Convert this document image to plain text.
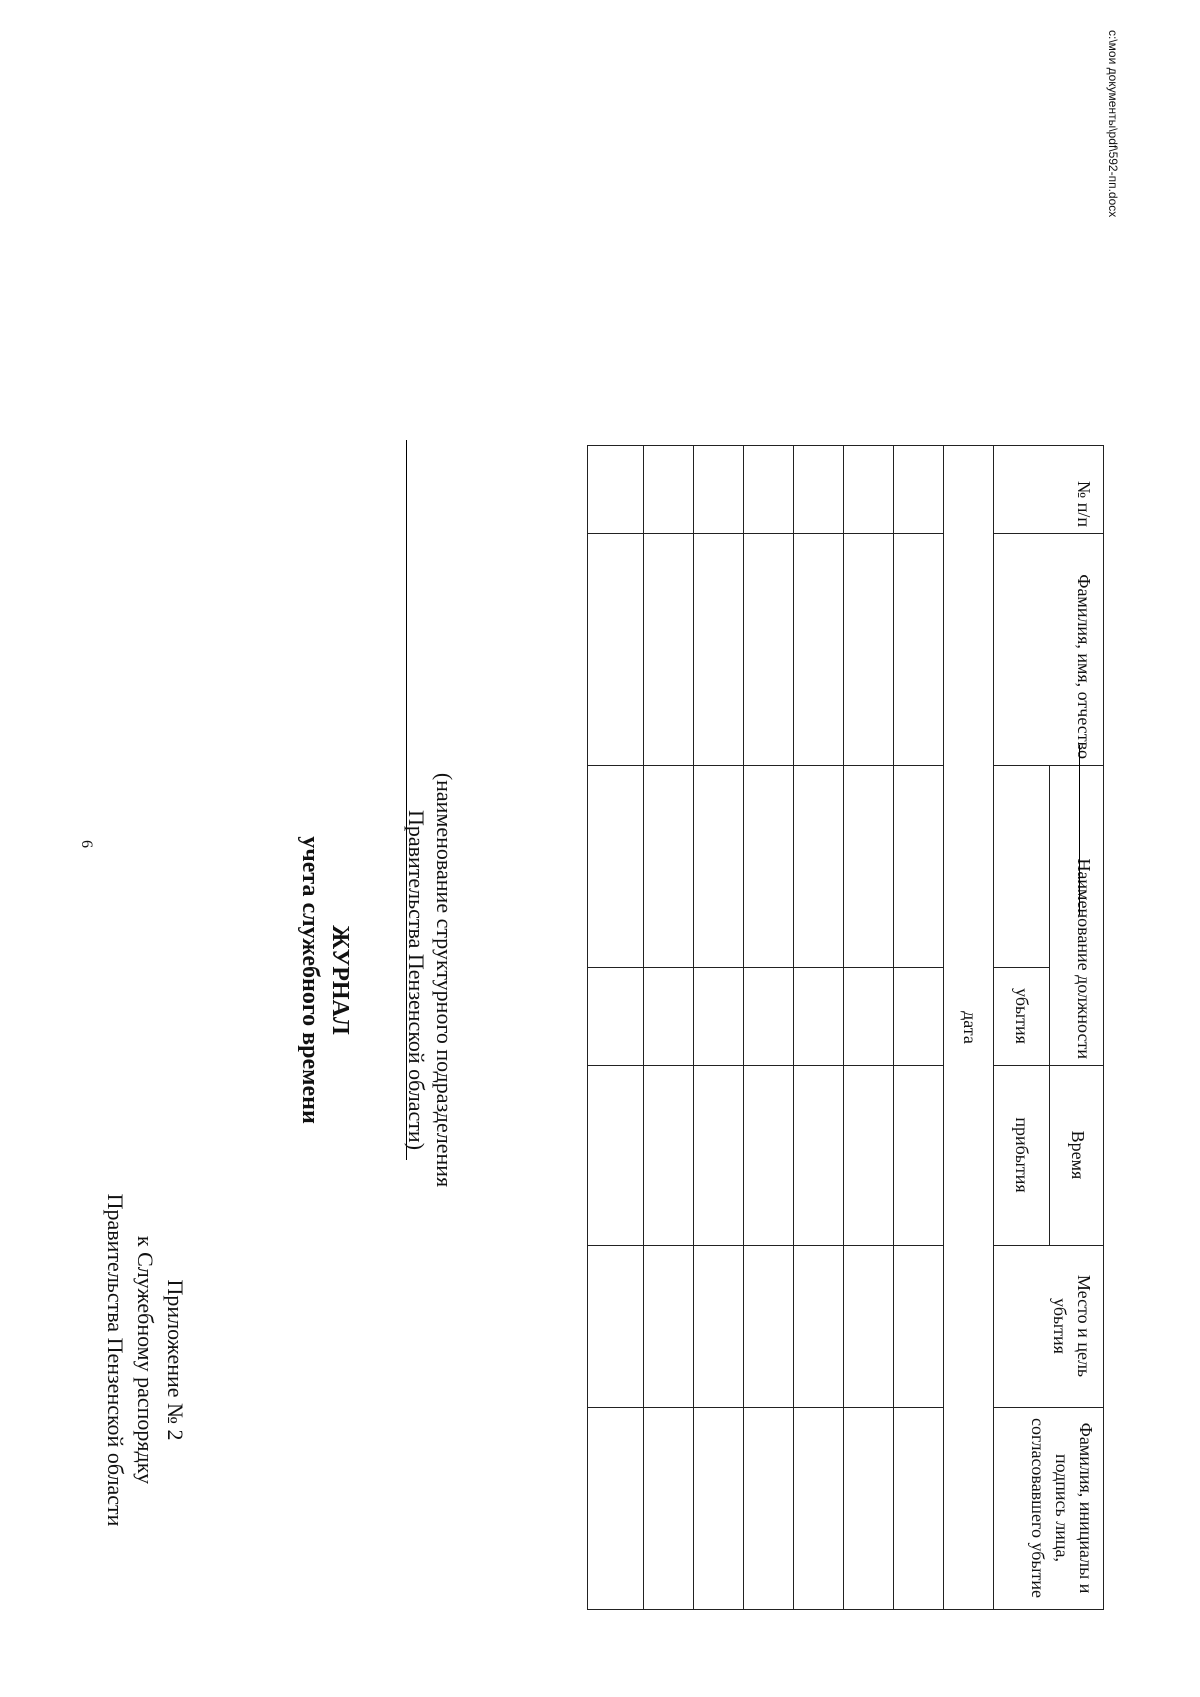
6
Приложение № 2
к Служебному распорядку
Правительства Пензенской области
ЖУРНАЛ
учета служебного времени	(наименование структурного подразделения
Правительства Пензенской области)
№ п/п
Фамилия, имя, отчество
Наименование должности
Время
Место и цель убытия
Фамилия, инициалы и подпись лица, согласовавшего убытие
убытия
прибытия
дата
c:\мои документы\pdf\592-пп.docx
